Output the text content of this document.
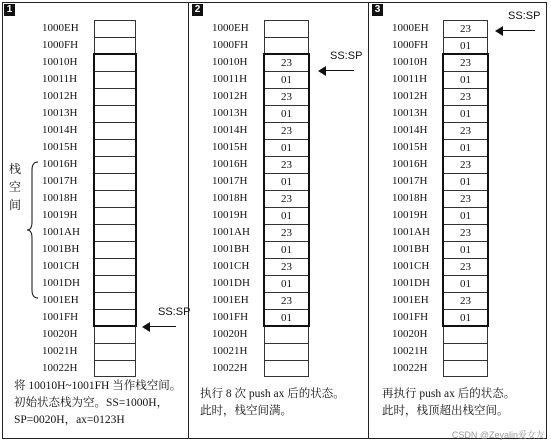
1
1000EH
1000FH
10010H
10011H
10012H
10013H
10014H
10015H
10016H
10017H
10018H
10019H
1001AH
1001BH
1001CH
1001DH
1001EH
1001FH
10020H
10021H
10022H
将 10010H~1001FH 当作栈空间。
初始状态栈为空。SS=1000H，
SP=0020H，ax=0123H
2
1000EH
1000FH
10010H	23
10011H	01
10012H	23
10013H	01
10014H	23
10015H	01
10016H	23
10017H	01
10018H	23
10019H	01
1001AH	23
1001BH	01
1001CH	23
1001DH	01
1001EH	23
1001FH	01
10020H
10021H
10022H
执行 8 次 push ax 后的状态。
此时，栈空间满。
3
1000EH	23
1000FH	01
10010H	23
10011H	01
10012H	23
10013H	01
10014H	23
10015H	01
10016H	23
10017H	01
10018H	23
10019H	01
1001AH	23
1001BH	01
1001CH	23
1001DH	01
1001EH	23
1001FH	01
10020H
10021H
10022H
再执行 push ax 后的状态。
此时，栈顶超出栈空间。
SS:SP
SS:SP
SS:SP
栈
空
间
CSDN @Zeyalin爱女友
